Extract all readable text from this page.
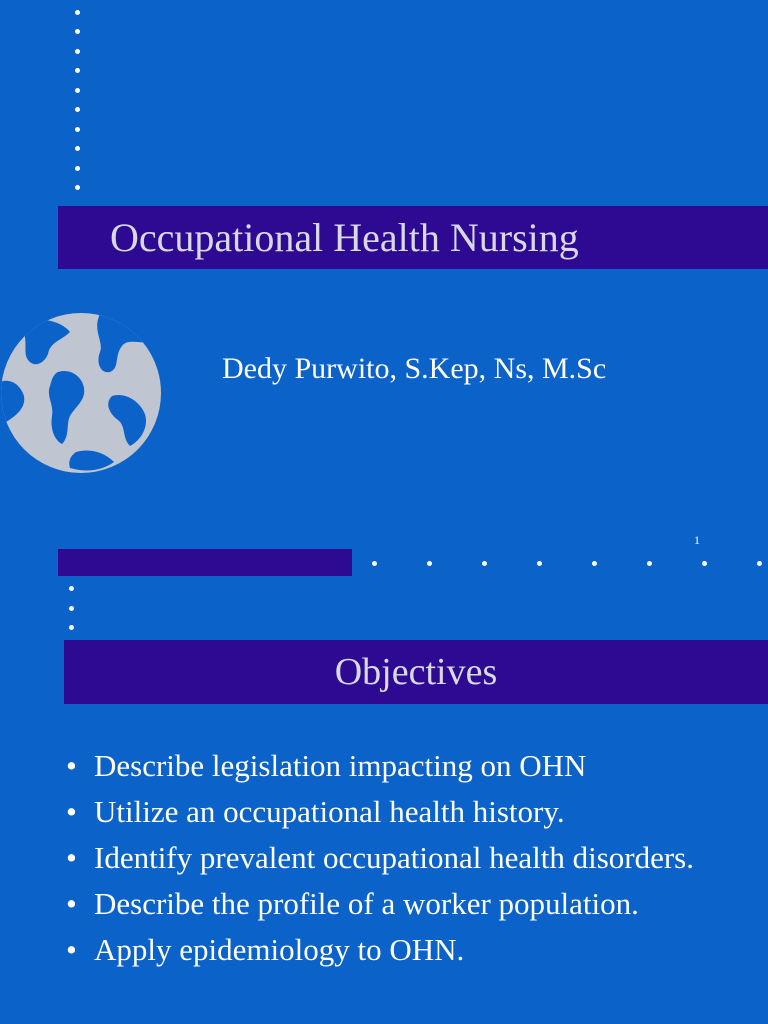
Occupational Health Nursing
Dedy Purwito, S.Kep, Ns, M.Sc
1
Objectives
• Describe legislation impacting on OHN
• Utilize an occupational health history.
• Identify prevalent occupational health disorders.
• Describe the profile of a worker population.
• Apply epidemiology to OHN.
